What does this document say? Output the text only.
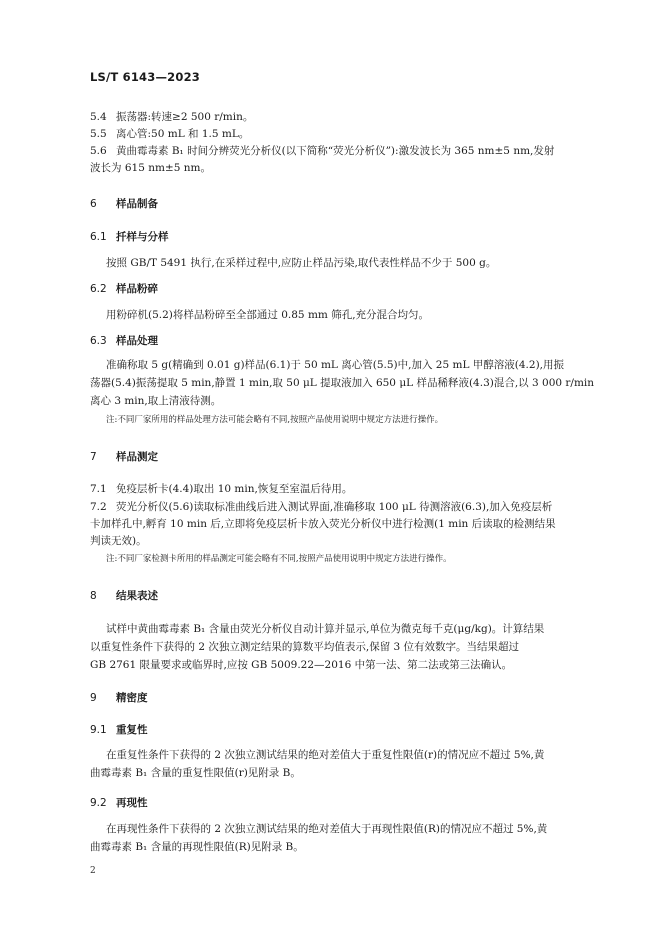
LS/T 6143—2023
5.4 振荡器:转速≥2 500 r/min。
5.5 离心管:50 mL 和 1.5 mL。
5.6 黄曲霉毒素 B₁ 时间分辨荧光分析仪(以下简称“荧光分析仪”):激发波长为 365 nm±5 nm,发射
波长为 615 nm±5 nm。
6 样品制备
6.1 扦样与分样
按照 GB/T 5491 执行,在采样过程中,应防止样品污染,取代表性样品不少于 500 g。
6.2 样品粉碎
用粉碎机(5.2)将样品粉碎至全部通过 0.85 mm 筛孔,充分混合均匀。
6.3 样品处理
准确称取 5 g(精确到 0.01 g)样品(6.1)于 50 mL 离心管(5.5)中,加入 25 mL 甲醇溶液(4.2),用振
荡器(5.4)振荡提取 5 min,静置 1 min,取 50 μL 提取液加入 650 μL 样品稀释液(4.3)混合,以 3 000 r/min
离心 3 min,取上清液待测。
注:不同厂家所用的样品处理方法可能会略有不同,按照产品使用说明中规定方法进行操作。
7 样品测定
7.1 免疫层析卡(4.4)取出 10 min,恢复至室温后待用。
7.2 荧光分析仪(5.6)读取标准曲线后进入测试界面,准确移取 100 μL 待测溶液(6.3),加入免疫层析
卡加样孔中,孵育 10 min 后,立即将免疫层析卡放入荧光分析仪中进行检测(1 min 后读取的检测结果
判读无效)。
注:不同厂家检测卡所用的样品测定可能会略有不同,按照产品使用说明中规定方法进行操作。
8 结果表述
试样中黄曲霉毒素 B₁ 含量由荧光分析仪自动计算并显示,单位为微克每千克(μg/kg)。计算结果
以重复性条件下获得的 2 次独立测定结果的算数平均值表示,保留 3 位有效数字。当结果超过
GB 2761 限量要求或临界时,应按 GB 5009.22—2016 中第一法、第二法或第三法确认。
9 精密度
9.1 重复性
在重复性条件下获得的 2 次独立测试结果的绝对差值大于重复性限值(r)的情况应不超过 5%,黄
曲霉毒素 B₁ 含量的重复性限值(r)见附录 B。
9.2 再现性
在再现性条件下获得的 2 次独立测试结果的绝对差值大于再现性限值(R)的情况应不超过 5%,黄
曲霉毒素 B₁ 含量的再现性限值(R)见附录 B。
2
